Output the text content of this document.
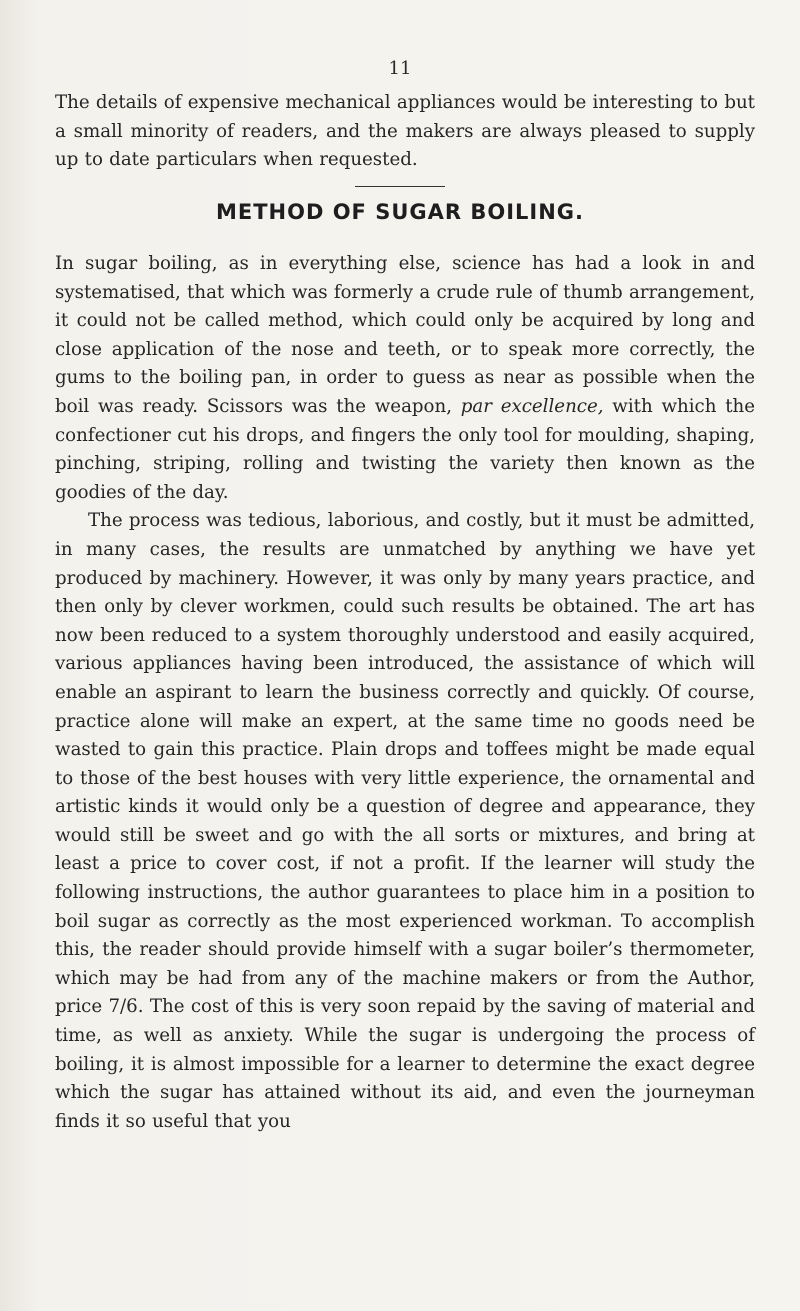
11

The details of expensive mechanical appliances would be interesting to but a small minority of readers, and the makers are always pleased to supply up to date particulars when requested.

METHOD OF SUGAR BOILING.

In sugar boiling, as in everything else, science has had a look in and systematised, that which was formerly a crude rule of thumb arrangement, it could not be called method, which could only be acquired by long and close application of the nose and teeth, or to speak more correctly, the gums to the boiling pan, in order to guess as near as possible when the boil was ready. Scissors was the weapon, par excellence, with which the confectioner cut his drops, and fingers the only tool for moulding, shaping, pinching, striping, rolling and twisting the variety then known as the goodies of the day.

The process was tedious, laborious, and costly, but it must be admitted, in many cases, the results are unmatched by anything we have yet produced by machinery. However, it was only by many years practice, and then only by clever workmen, could such results be obtained. The art has now been reduced to a system thoroughly understood and easily acquired, various appliances having been introduced, the assistance of which will enable an aspirant to learn the business correctly and quickly. Of course, practice alone will make an expert, at the same time no goods need be wasted to gain this practice. Plain drops and toffees might be made equal to those of the best houses with very little experience, the ornamental and artistic kinds it would only be a question of degree and appearance, they would still be sweet and go with the all sorts or mixtures, and bring at least a price to cover cost, if not a profit. If the learner will study the following instructions, the author guarantees to place him in a position to boil sugar as correctly as the most experienced workman. To accomplish this, the reader should provide himself with a sugar boiler’s thermometer, which may be had from any of the machine makers or from the Author, price 7/6. The cost of this is very soon repaid by the saving of material and time, as well as anxiety. While the sugar is undergoing the process of boiling, it is almost impossible for a learner to determine the exact degree which the sugar has attained without its aid, and even the journeyman finds it so useful that you
